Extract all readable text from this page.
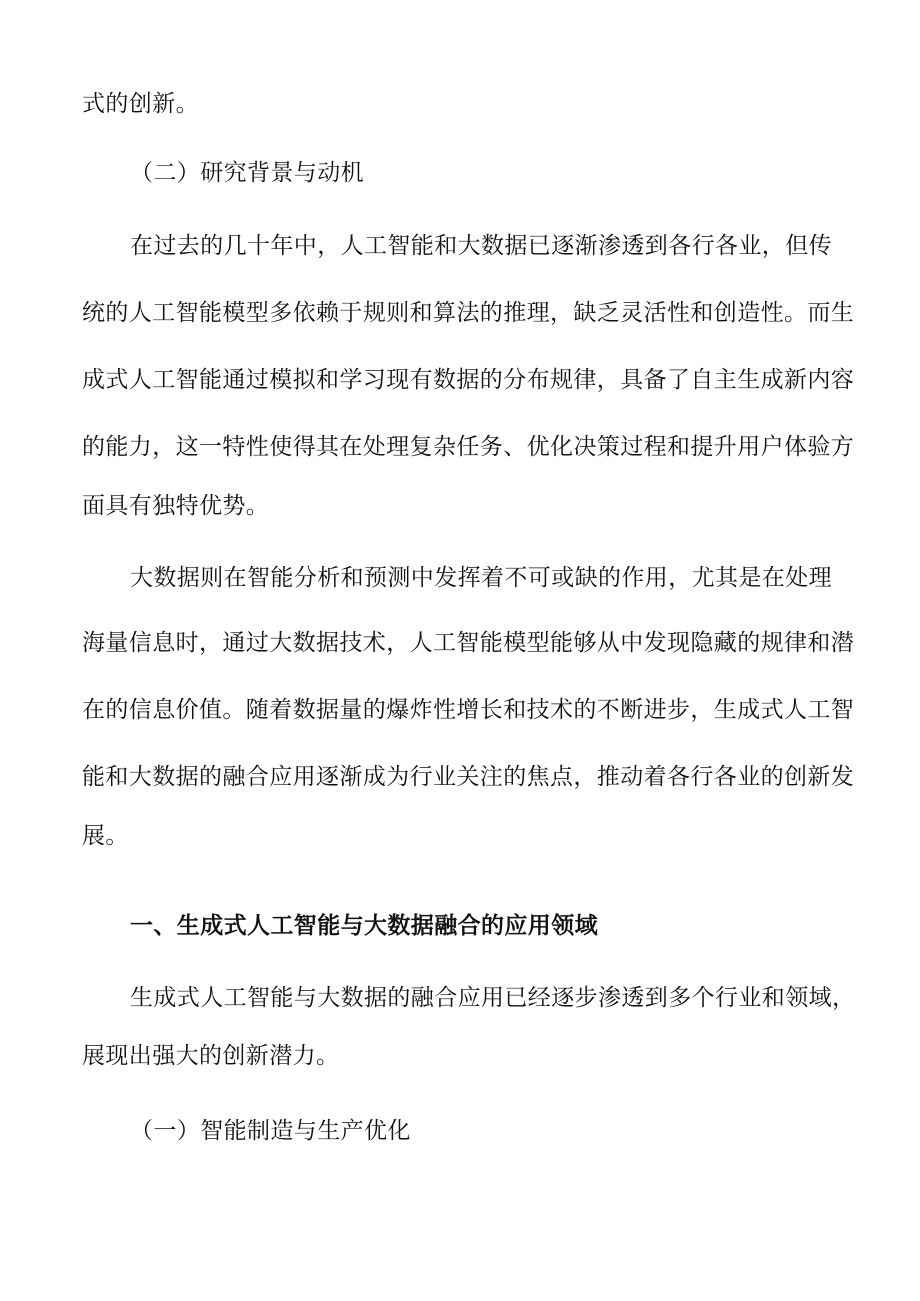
式的创新。
（二）研究背景与动机
在过去的几十年中，人工智能和大数据已逐渐渗透到各行各业，但传
统的人工智能模型多依赖于规则和算法的推理，缺乏灵活性和创造性。而生
成式人工智能通过模拟和学习现有数据的分布规律，具备了自主生成新内容
的能力，这一特性使得其在处理复杂任务、优化决策过程和提升用户体验方
面具有独特优势。
大数据则在智能分析和预测中发挥着不可或缺的作用，尤其是在处理
海量信息时，通过大数据技术，人工智能模型能够从中发现隐藏的规律和潜
在的信息价值。随着数据量的爆炸性增长和技术的不断进步，生成式人工智
能和大数据的融合应用逐渐成为行业关注的焦点，推动着各行各业的创新发
展。
一、生成式人工智能与大数据融合的应用领域
生成式人工智能与大数据的融合应用已经逐步渗透到多个行业和领域，
展现出强大的创新潜力。
（一）智能制造与生产优化
